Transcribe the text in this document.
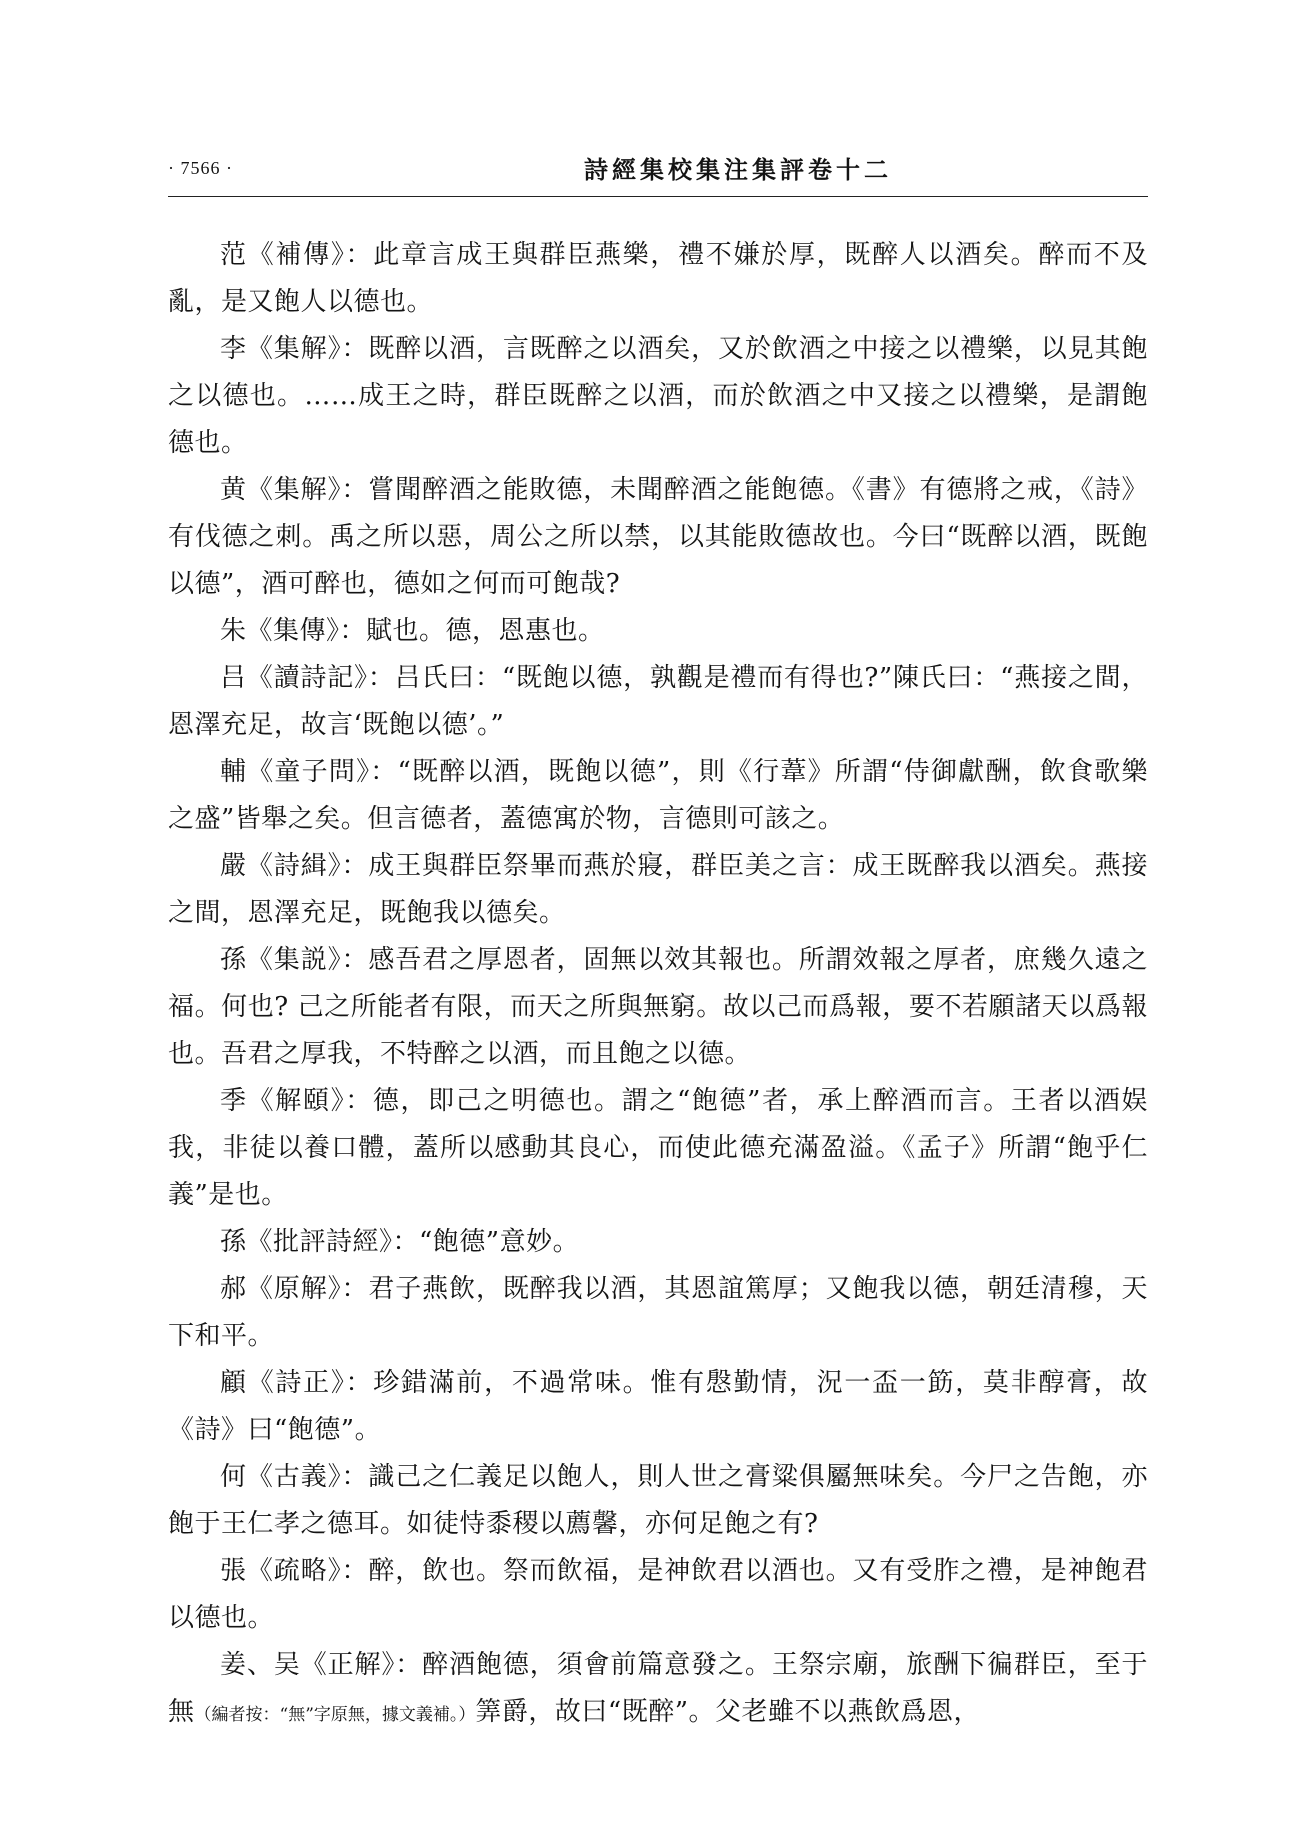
· 7566 ·	詩經集校集注集評卷十二

范《補傳》：此章言成王與群臣燕樂，禮不嫌於厚，既醉人以酒矣。醉而不及亂，是又飽人以德也。

李《集解》：既醉以酒，言既醉之以酒矣，又於飲酒之中接之以禮樂，以見其飽之以德也。……成王之時，群臣既醉之以酒，而於飲酒之中又接之以禮樂，是謂飽德也。

黄《集解》：嘗聞醉酒之能敗德，未聞醉酒之能飽德。《書》有德將之戒，《詩》有伐德之刺。禹之所以惡，周公之所以禁，以其能敗德故也。今曰“既醉以酒，既飽以德”，酒可醉也，德如之何而可飽哉?

朱《集傳》：賦也。德，恩惠也。

吕《讀詩記》：吕氏曰：“既飽以德，孰觀是禮而有得也?”陳氏曰：“燕接之間，恩澤充足，故言‘既飽以德’。”

輔《童子問》：“既醉以酒，既飽以德”，則《行葦》所謂“侍御獻酬，飲食歌樂之盛”皆舉之矣。但言德者，蓋德寓於物，言德則可該之。

嚴《詩緝》：成王與群臣祭畢而燕於寢，群臣美之言：成王既醉我以酒矣。燕接之間，恩澤充足，既飽我以德矣。

孫《集説》：感吾君之厚恩者，固無以效其報也。所謂效報之厚者，庶幾久遠之福。何也? 己之所能者有限，而天之所與無窮。故以己而爲報，要不若願諸天以爲報也。吾君之厚我，不特醉之以酒，而且飽之以德。

季《解頤》：德，即己之明德也。謂之“飽德”者，承上醉酒而言。王者以酒娱我，非徒以養口體，蓋所以感動其良心，而使此德充滿盈溢。《孟子》所謂“飽乎仁義”是也。

孫《批評詩經》：“飽德”意妙。

郝《原解》：君子燕飲，既醉我以酒，其恩誼篤厚；又飽我以德，朝廷清穆，天下和平。

顧《詩正》：珍錯滿前，不過常味。惟有慇勤情，況一盃一筯，莫非醇膏，故《詩》曰“飽德”。

何《古義》：識己之仁義足以飽人，則人世之膏粱俱屬無味矣。今尸之告飽，亦飽于王仁孝之德耳。如徒恃黍稷以薦馨，亦何足飽之有?

張《疏略》：醉，飲也。祭而飲福，是神飲君以酒也。又有受胙之禮，是神飽君以德也。

姜、吴《正解》：醉酒飽德，須會前篇意發之。王祭宗廟，旅酬下徧群臣，至于無（編者按：“無”字原無，據文義補。）筭爵，故曰“既醉”。父老雖不以燕飲爲恩，
